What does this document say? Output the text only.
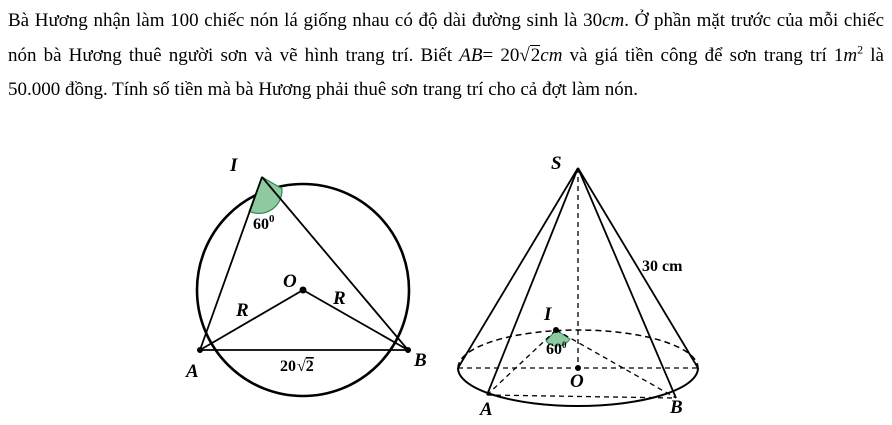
Bà Hương nhận làm 100 chiếc nón lá giống nhau có độ dài đường sinh là 30cm. Ở phần mặt trước của mỗi chiếc nón bà Hương thuê người sơn và vẽ hình trang trí. Biết AB= 20√2cm và giá tiền công để sơn trang trí $1m^2$ là 50.000 đồng. Tính số tiền mà bà Hương phải thuê sơn trang trí cho cả đợt làm nón.
I
O
A
B
R
R
$60^0$
20√2
S
I
O
A	B
30 cm
$60^0$
